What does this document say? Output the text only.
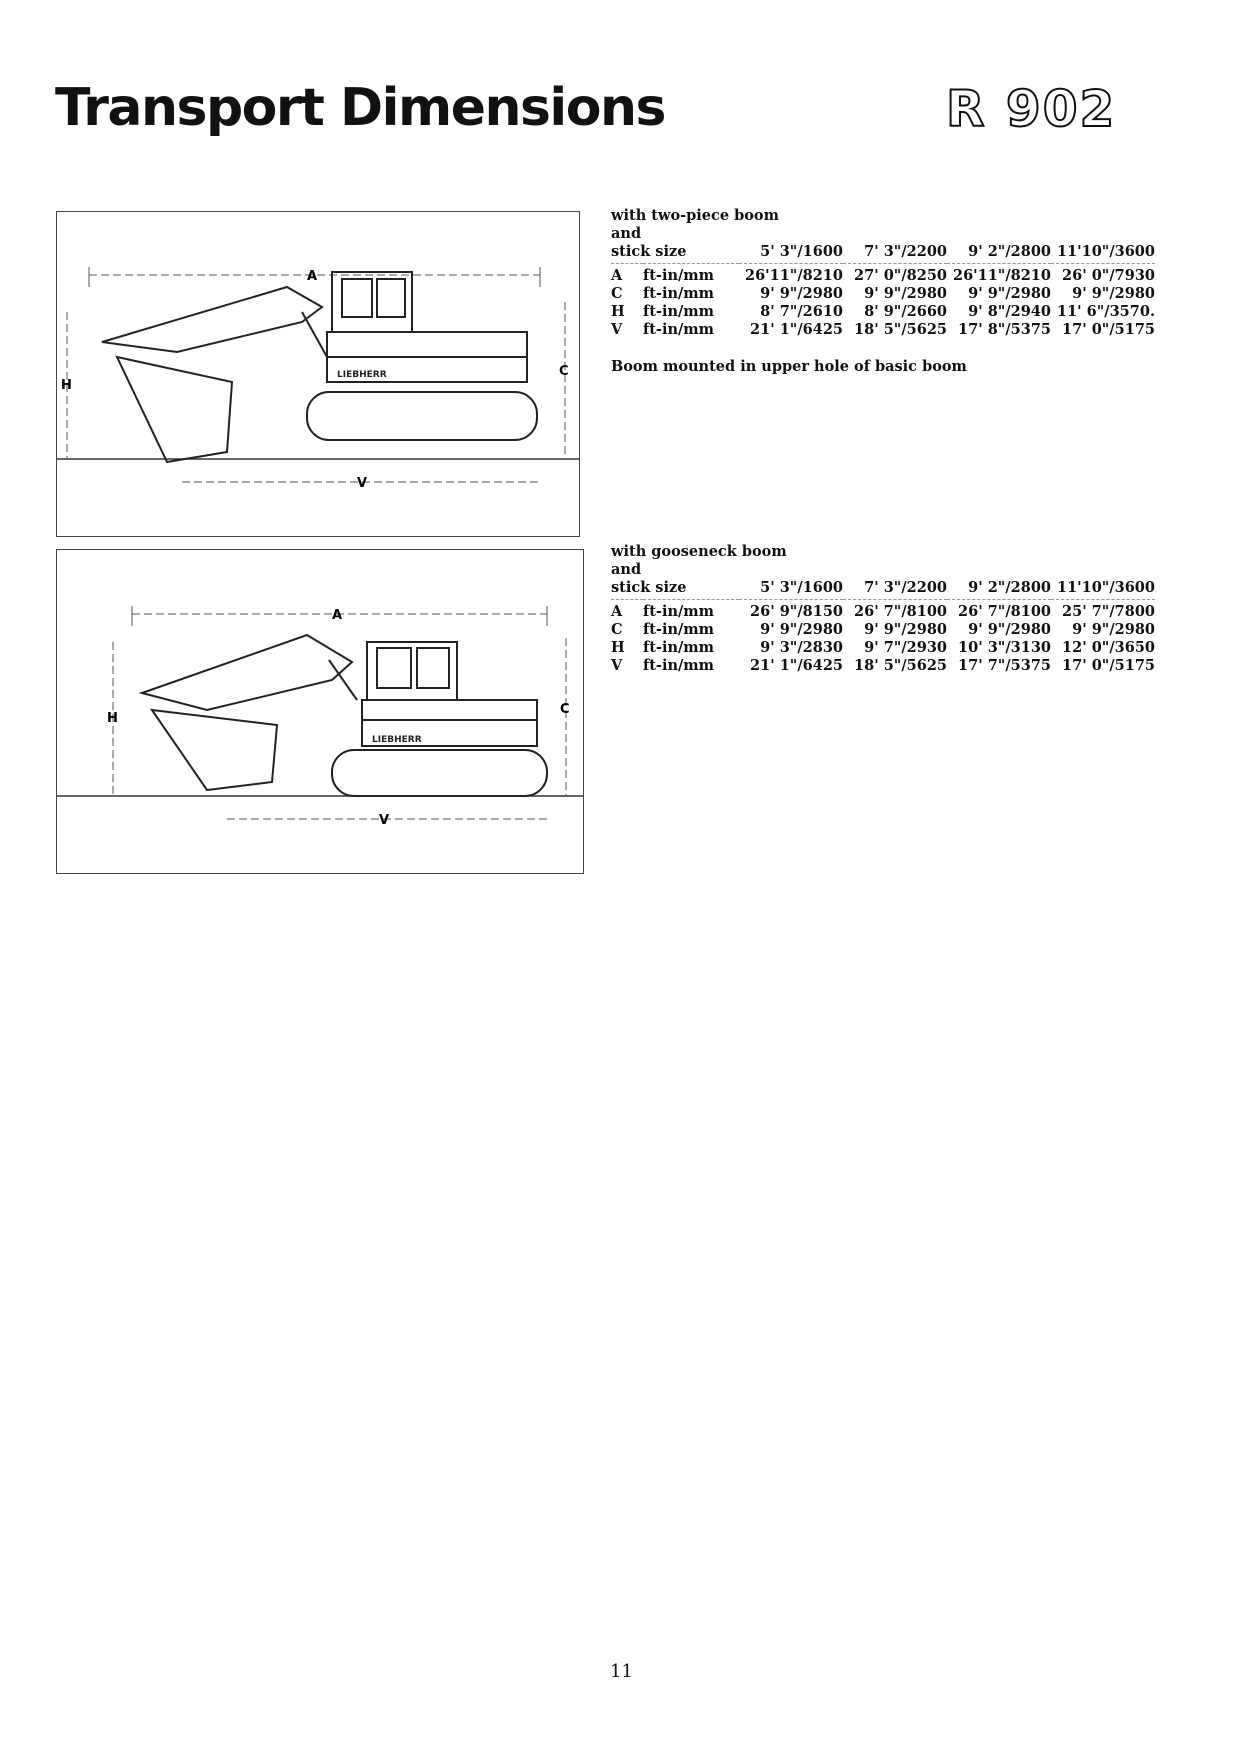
Transport Dimensions	R 902
A
H
C
V
LIEBHERR
with two-piece boom
and
stick size		5' 3"/1600	7' 3"/2200	9' 2"/2800	11'10"/3600
A	ft-in/mm	26'11"/8210	27' 0"/8250	26'11"/8210	26' 0"/7930
C	ft-in/mm	9' 9"/2980	9' 9"/2980	9' 9"/2980	9' 9"/2980
H	ft-in/mm	8' 7"/2610	8' 9"/2660	9' 8"/2940	11' 6"/3570.
V	ft-in/mm	21' 1"/6425	18' 5"/5625	17' 8"/5375	17' 0"/5175
Boom mounted in upper hole of basic boom
A
H
C
V
LIEBHERR
with gooseneck boom
and
stick size		5' 3"/1600	7' 3"/2200	9' 2"/2800	11'10"/3600
A	ft-in/mm	26' 9"/8150	26' 7"/8100	26' 7"/8100	25' 7"/7800
C	ft-in/mm	9' 9"/2980	9' 9"/2980	9' 9"/2980	9' 9"/2980
H	ft-in/mm	9' 3"/2830	9' 7"/2930	10' 3"/3130	12' 0"/3650
V	ft-in/mm	21' 1"/6425	18' 5"/5625	17' 7"/5375	17' 0"/5175
11
